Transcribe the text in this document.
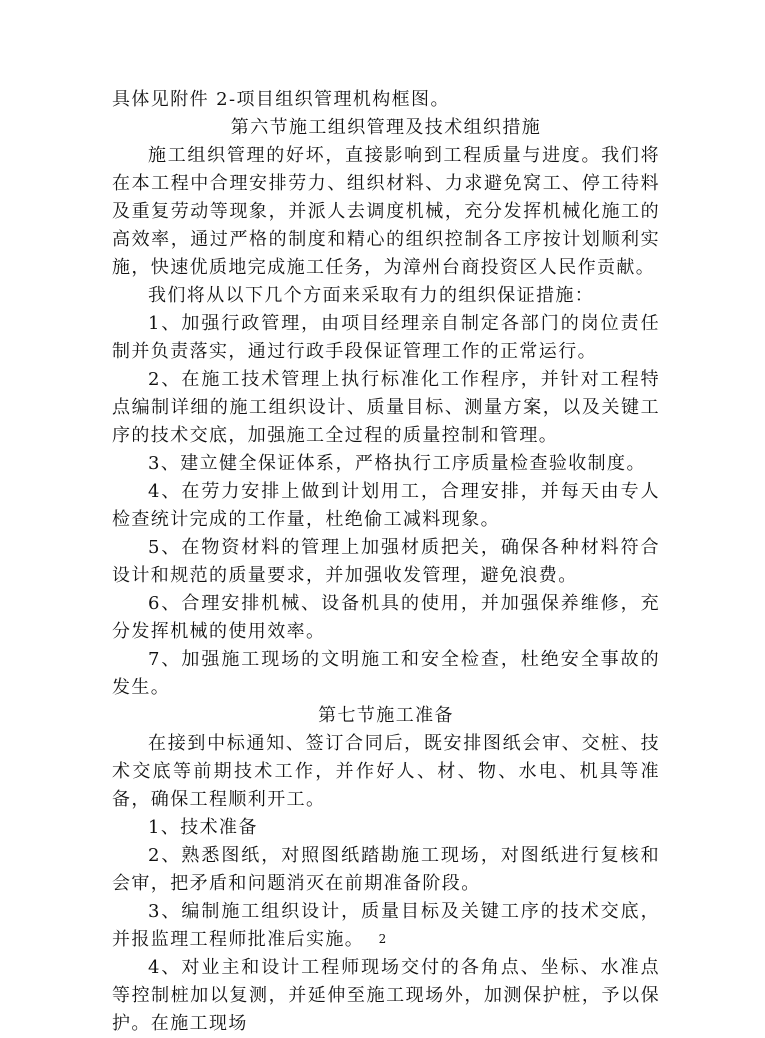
具体见附件 2-项目组织管理机构框图。

第六节施工组织管理及技术组织措施

施工组织管理的好坏，直接影响到工程质量与进度。我们将在本工程中合理安排劳力、组织材料、力求避免窝工、停工待料及重复劳动等现象，并派人去调度机械，充分发挥机械化施工的高效率，通过严格的制度和精心的组织控制各工序按计划顺利实施，快速优质地完成施工任务，为漳州台商投资区人民作贡献。

我们将从以下几个方面来采取有力的组织保证措施：

1、加强行政管理，由项目经理亲自制定各部门的岗位责任制并负责落实，通过行政手段保证管理工作的正常运行。

2、在施工技术管理上执行标准化工作程序，并针对工程特点编制详细的施工组织设计、质量目标、测量方案，以及关键工序的技术交底，加强施工全过程的质量控制和管理。

3、建立健全保证体系，严格执行工序质量检查验收制度。

4、在劳力安排上做到计划用工，合理安排，并每天由专人检查统计完成的工作量，杜绝偷工减料现象。

5、在物资材料的管理上加强材质把关，确保各种材料符合设计和规范的质量要求，并加强收发管理，避免浪费。

6、合理安排机械、设备机具的使用，并加强保养维修，充分发挥机械的使用效率。

7、加强施工现场的文明施工和安全检查，杜绝安全事故的发生。

第七节施工准备

在接到中标通知、签订合同后，既安排图纸会审、交桩、技术交底等前期技术工作，并作好人、材、物、水电、机具等准备，确保工程顺利开工。

1、技术准备

2、熟悉图纸，对照图纸踏勘施工现场，对图纸进行复核和会审，把矛盾和问题消灭在前期准备阶段。

3、编制施工组织设计，质量目标及关键工序的技术交底，并报监理工程师批准后实施。

4、对业主和设计工程师现场交付的各角点、坐标、水准点等控制桩加以复测，并延伸至施工现场外，加测保护桩，予以保护。在施工现场

2
